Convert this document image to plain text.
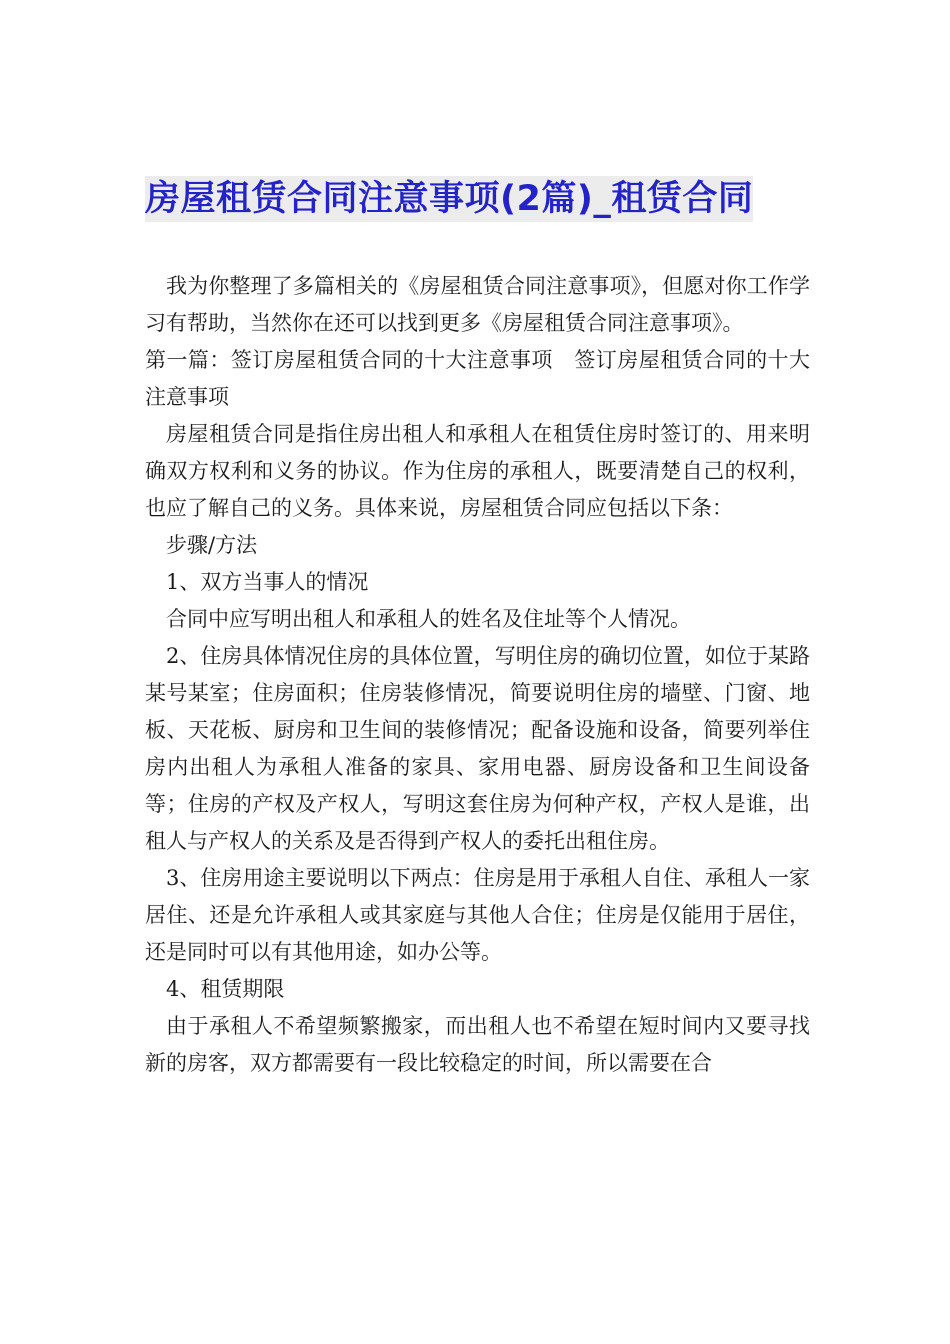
房屋租赁合同注意事项(2篇)_租赁合同

我为你整理了多篇相关的《房屋租赁合同注意事项》，但愿对你工作学习有帮助，当然你在还可以找到更多《房屋租赁合同注意事项》。

第一篇：签订房屋租赁合同的十大注意事项　签订房屋租赁合同的十大注意事项

房屋租赁合同是指住房出租人和承租人在租赁住房时签订的、用来明确双方权利和义务的协议。作为住房的承租人，既要清楚自己的权利，也应了解自己的义务。具体来说，房屋租赁合同应包括以下条：

步骤/方法

1、双方当事人的情况

合同中应写明出租人和承租人的姓名及住址等个人情况。

2、住房具体情况住房的具体位置，写明住房的确切位置，如位于某路某号某室；住房面积；住房装修情况，简要说明住房的墙壁、门窗、地板、天花板、厨房和卫生间的装修情况；配备设施和设备，简要列举住房内出租人为承租人准备的家具、家用电器、厨房设备和卫生间设备等；住房的产权及产权人，写明这套住房为何种产权，产权人是谁，出租人与产权人的关系及是否得到产权人的委托出租住房。

3、住房用途主要说明以下两点：住房是用于承租人自住、承租人一家居住、还是允许承租人或其家庭与其他人合住；住房是仅能用于居住，还是同时可以有其他用途，如办公等。

4、租赁期限

由于承租人不希望频繁搬家，而出租人也不希望在短时间内又要寻找新的房客，双方都需要有一段比较稳定的时间，所以需要在合
